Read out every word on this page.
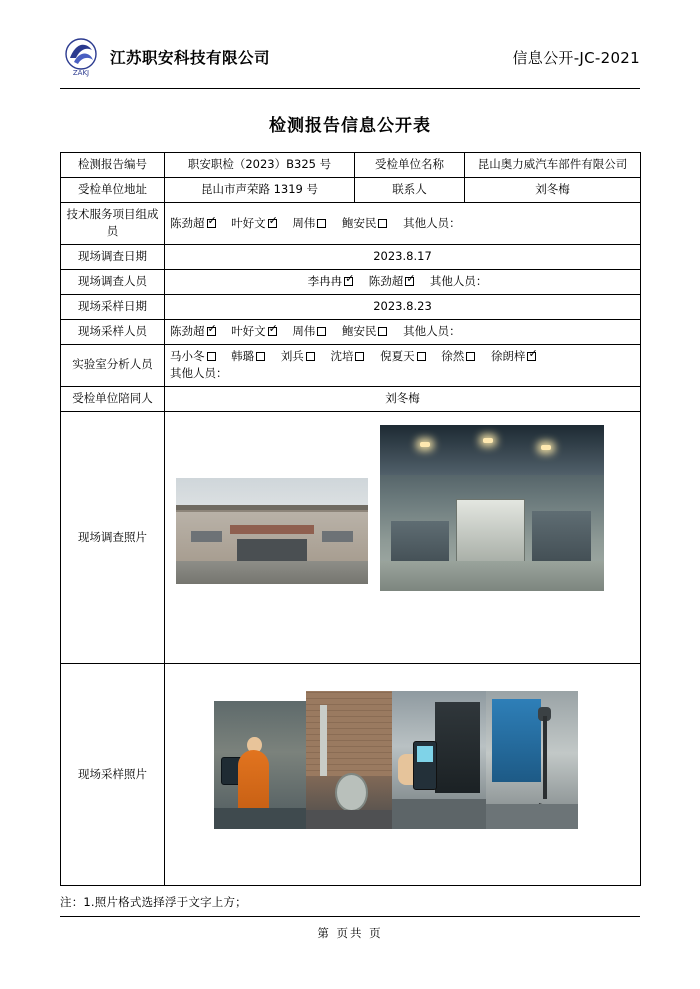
ZAKJ
江苏职安科技有限公司	信息公开-JC-2021
检测报告信息公开表
检测报告编号	职安职检（2023）B325 号	受检单位名称	昆山奥力威汽车部件有限公司
受检单位地址	昆山市声荣路 1319 号	联系人	刘冬梅
技术服务项目组成员	陈劲超 ✓ 叶好文 ✓ 周伟 鲍安民 其他人员：
现场调查日期	2023.8.17		
现场调查人员	李冉冉 ✓ 陈劲超 ✓ 其他人员：
现场采样日期	2023.8.23		
现场采样人员	陈劲超 ✓ 叶好文 ✓ 周伟 鲍安民 其他人员：
实验室分析人员	马小冬 韩璐 刘兵 沈培 倪夏天 徐然 徐朗梓✓
其他人员：

受检单位陪同人	刘冬梅		
现场调查照片			

现场采样照片			
注：1.照片格式选择浮于文字上方；
第 页共 页
